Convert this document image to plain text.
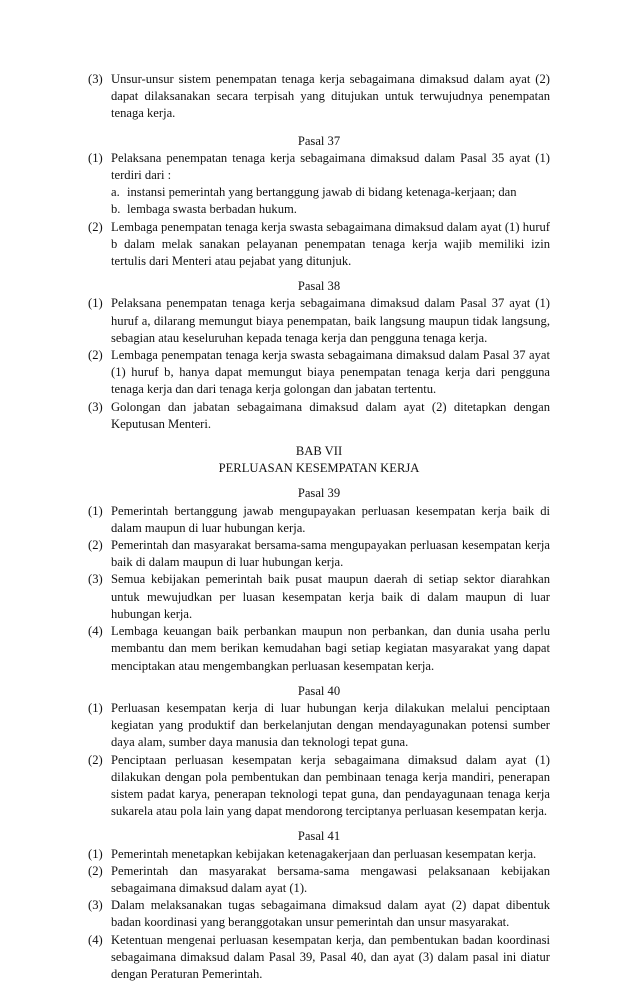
(3) Unsur-unsur sistem penempatan tenaga kerja sebagaimana dimaksud dalam ayat (2) dapat dilaksanakan secara terpisah yang ditujukan untuk terwujudnya penempatan tenaga kerja.
Pasal 37
(1) Pelaksana penempatan tenaga kerja sebagaimana dimaksud dalam Pasal 35 ayat (1) terdiri dari :
a. instansi pemerintah yang bertanggung jawab di bidang ketenaga-kerjaan; dan
b. lembaga swasta berbadan hukum.
(2) Lembaga penempatan tenaga kerja swasta sebagaimana dimaksud dalam ayat (1) huruf b dalam melak sanakan pelayanan penempatan tenaga kerja wajib memiliki izin tertulis dari Menteri atau pejabat yang ditunjuk.
Pasal 38
(1) Pelaksana penempatan tenaga kerja sebagaimana dimaksud dalam Pasal 37 ayat (1) huruf a, dilarang memungut biaya penempatan, baik langsung maupun tidak langsung, sebagian atau keseluruhan kepada tenaga kerja dan pengguna tenaga kerja.
(2) Lembaga penempatan tenaga kerja swasta sebagaimana dimaksud dalam Pasal 37 ayat (1) huruf b, hanya dapat memungut biaya penempatan tenaga kerja dari pengguna tenaga kerja dan dari tenaga kerja golongan dan jabatan tertentu.
(3) Golongan dan jabatan sebagaimana dimaksud dalam ayat (2) ditetapkan dengan Keputusan Menteri.
BAB VII
PERLUASAN KESEMPATAN KERJA
Pasal 39
(1) Pemerintah bertanggung jawab mengupayakan perluasan kesempatan kerja baik di dalam maupun di luar hubungan kerja.
(2) Pemerintah dan masyarakat bersama-sama mengupayakan perluasan kesempatan kerja baik di dalam maupun di luar hubungan kerja.
(3) Semua kebijakan pemerintah baik pusat maupun daerah di setiap sektor diarahkan untuk mewujudkan per luasan kesempatan kerja baik di dalam maupun di luar hubungan kerja.
(4) Lembaga keuangan baik perbankan maupun non perbankan, dan dunia usaha perlu membantu dan mem berikan kemudahan bagi setiap kegiatan masyarakat yang dapat menciptakan atau mengembangkan perluasan kesempatan kerja.
Pasal 40
(1) Perluasan kesempatan kerja di luar hubungan kerja dilakukan melalui penciptaan kegiatan yang produktif dan berkelanjutan dengan mendayagunakan potensi sumber daya alam, sumber daya manusia dan teknologi tepat guna.
(2) Penciptaan perluasan kesempatan kerja sebagaimana dimaksud dalam ayat (1) dilakukan dengan pola pembentukan dan pembinaan tenaga kerja mandiri, penerapan sistem padat karya, penerapan teknologi tepat guna, dan pendayagunaan tenaga kerja sukarela atau pola lain yang dapat mendorong terciptanya perluasan kesempatan kerja.
Pasal 41
(1) Pemerintah menetapkan kebijakan ketenagakerjaan dan perluasan kesempatan kerja.
(2) Pemerintah dan masyarakat bersama-sama mengawasi pelaksanaan kebijakan sebagaimana dimaksud dalam ayat (1).
(3) Dalam melaksanakan tugas sebagaimana dimaksud dalam ayat (2) dapat dibentuk badan koordinasi yang beranggotakan unsur pemerintah dan unsur masyarakat.
(4) Ketentuan mengenai perluasan kesempatan kerja, dan pembentukan badan koordinasi sebagaimana dimaksud dalam Pasal 39, Pasal 40, dan ayat (3) dalam pasal ini diatur dengan Peraturan Pemerintah.
